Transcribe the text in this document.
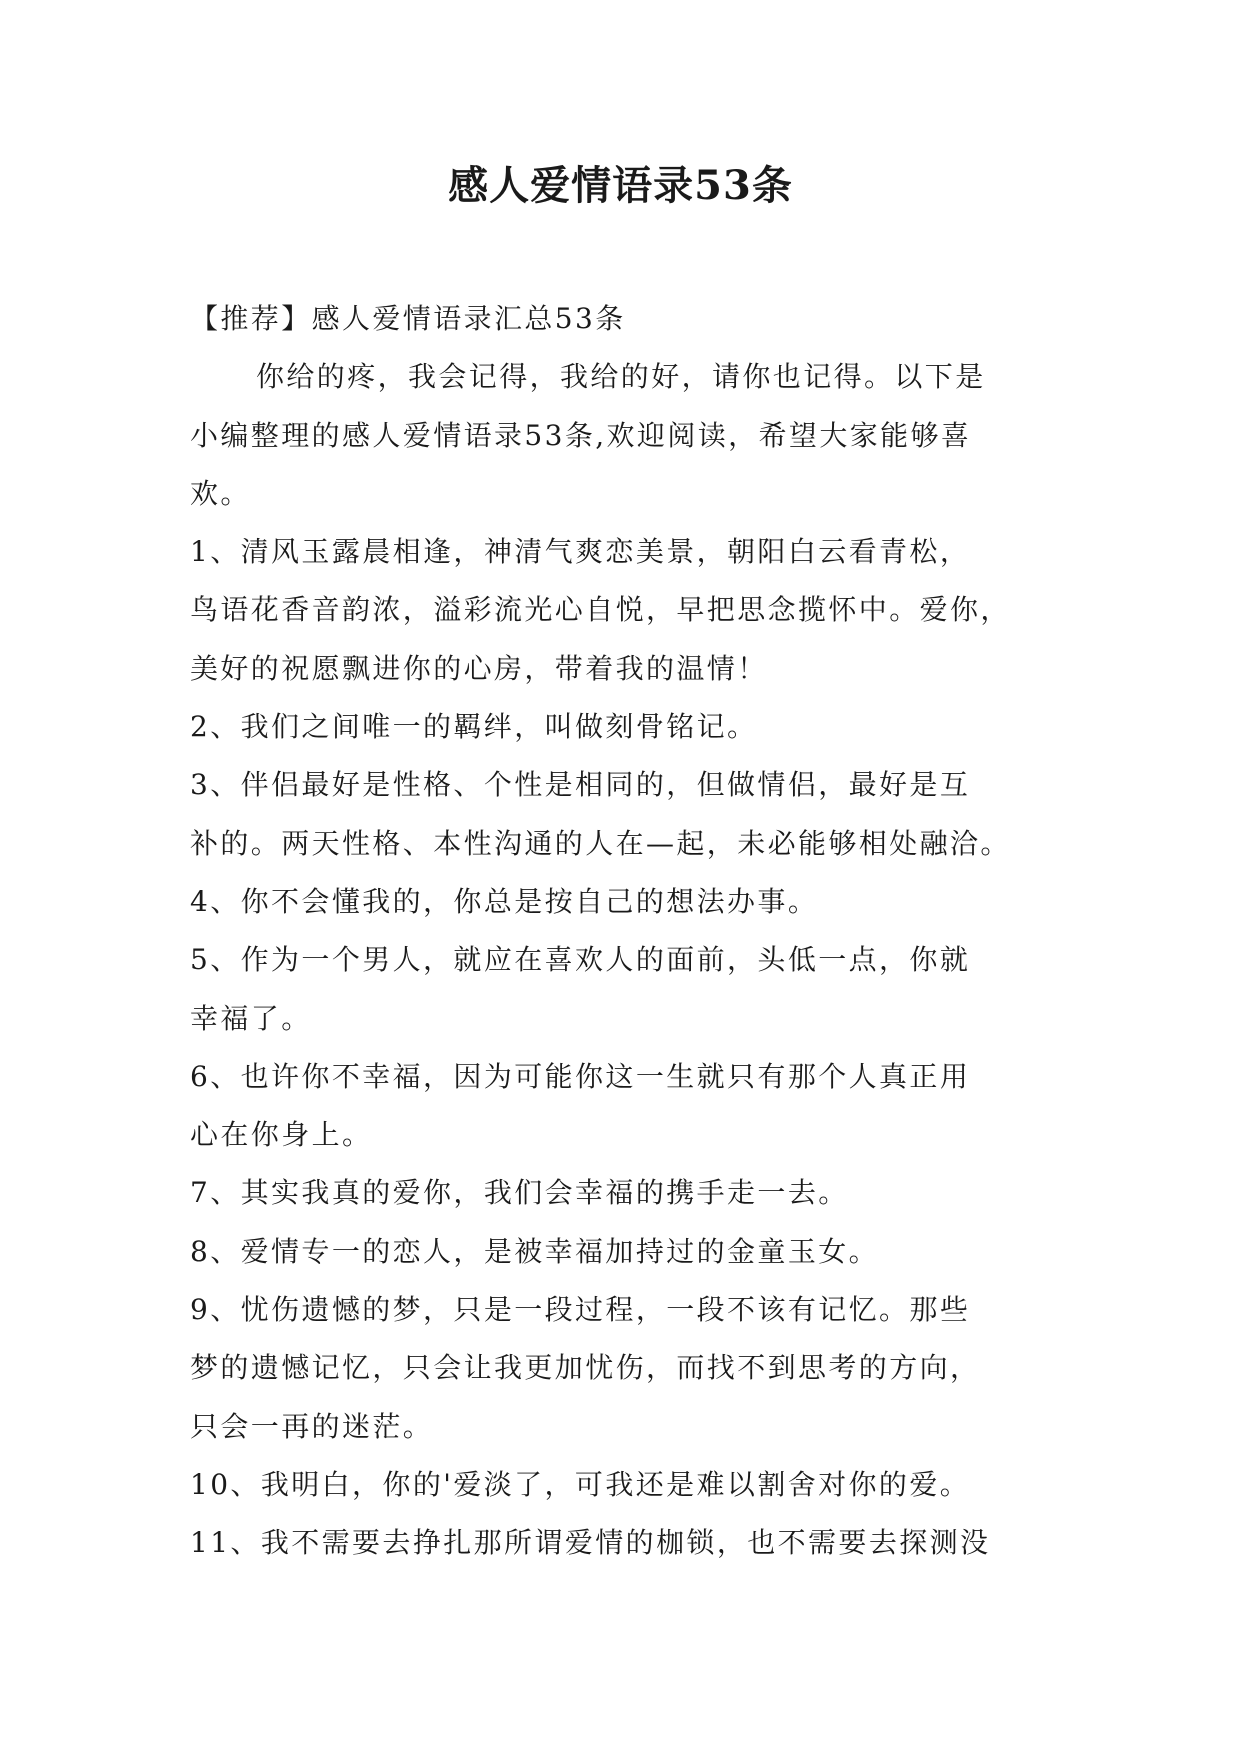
感人爱情语录53条
【推荐】感人爱情语录汇总53条
你给的疼，我会记得，我给的好，请你也记得。以下是
小编整理的感人爱情语录53条,欢迎阅读，希望大家能够喜
欢。
1、清风玉露晨相逢，神清气爽恋美景，朝阳白云看青松，
鸟语花香音韵浓，溢彩流光心自悦，早把思念揽怀中。爱你，
美好的祝愿飘进你的心房，带着我的温情！
2、我们之间唯一的羁绊，叫做刻骨铭记。
3、伴侣最好是性格、个性是相同的，但做情侣，最好是互
补的。两天性格、本性沟通的人在—起，未必能够相处融洽。
4、你不会懂我的，你总是按自己的想法办事。
5、作为一个男人，就应在喜欢人的面前，头低一点，你就
幸福了。
6、也许你不幸福，因为可能你这一生就只有那个人真正用
心在你身上。
7、其实我真的爱你，我们会幸福的携手走一去。
8、爱情专一的恋人，是被幸福加持过的金童玉女。
9、忧伤遗憾的梦，只是一段过程，一段不该有记忆。那些
梦的遗憾记忆，只会让我更加忧伤，而找不到思考的方向，
只会一再的迷茫。
10、我明白，你的'爱淡了，可我还是难以割舍对你的爱。
11、我不需要去挣扎那所谓爱情的枷锁，也不需要去探测没
